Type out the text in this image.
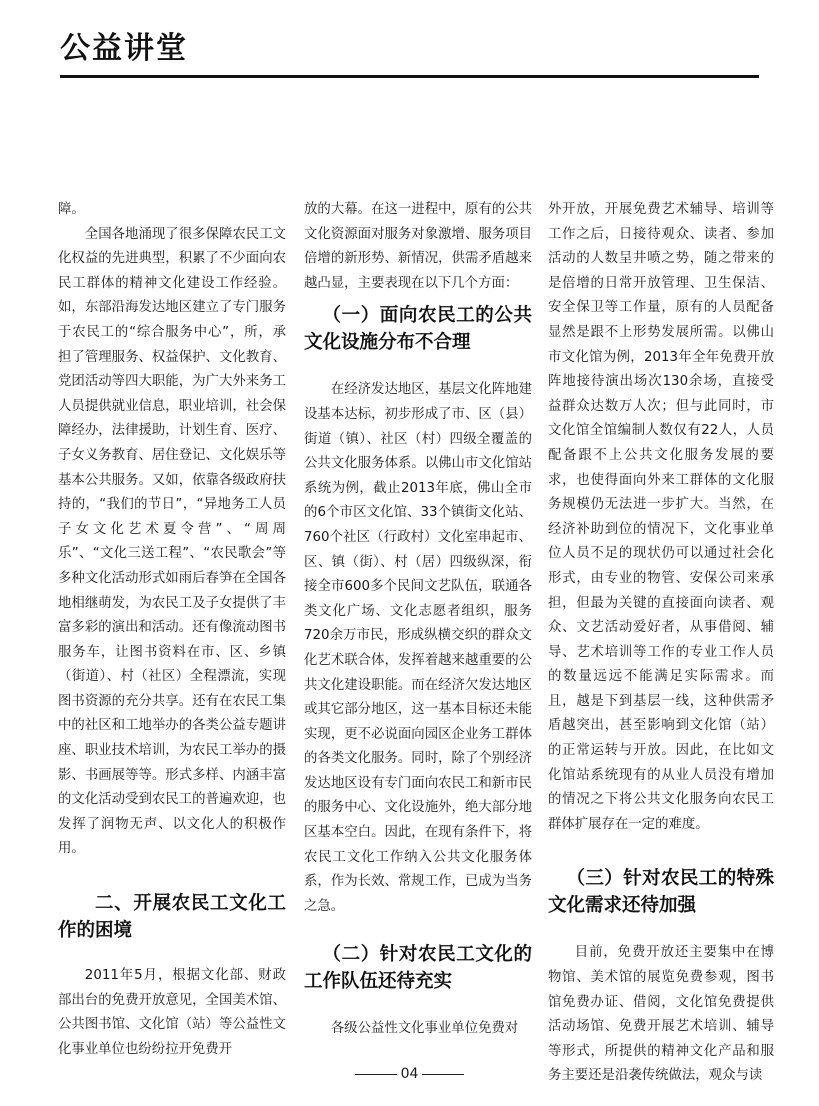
公益讲堂

障。

全国各地涌现了很多保障农民工文化权益的先进典型，积累了不少面向农民工群体的精神文化建设工作经验。如，东部沿海发达地区建立了专门服务于农民工的“综合服务中心”，所，承担了管理服务、权益保护、文化教育、党团活动等四大职能，为广大外来务工人员提供就业信息，职业培训，社会保障经办，法律援助，计划生育、医疗、子女义务教育、居住登记、文化娱乐等基本公共服务。又如，依靠各级政府扶持的，“我们的节日”，“异地务工人员子女文化艺术夏令营”、“周周乐”、“文化三送工程”、“农民歌会”等多种文化活动形式如雨后春笋在全国各地相继萌发，为农民工及子女提供了丰富多彩的演出和活动。还有像流动图书服务车，让图书资料在市、区、乡镇（街道）、村（社区）全程漂流，实现图书资源的充分共享。还有在农民工集中的社区和工地举办的各类公益专题讲座、职业技术培训，为农民工举办的摄影、书画展等等。形式多样、内涵丰富的文化活动受到农民工的普遍欢迎，也发挥了润物无声、以文化人的积极作用。

二、开展农民工文化工作的困境

2011年5月，根据文化部、财政部出台的免费开放意见，全国美术馆、公共图书馆、文化馆（站）等公益性文化事业单位也纷纷拉开免费开

放的大幕。在这一进程中，原有的公共文化资源面对服务对象激增、服务项目倍增的新形势、新情况，供需矛盾越来越凸显，主要表现在以下几个方面：

（一）面向农民工的公共文化设施分布不合理

在经济发达地区，基层文化阵地建设基本达标，初步形成了市、区（县）街道（镇）、社区（村）四级全覆盖的公共文化服务体系。以佛山市文化馆站系统为例，截止2013年底，佛山全市的6个市区文化馆、33个镇街文化站、760个社区（行政村）文化室串起市、区、镇（街）、村（居）四级纵深，衔接全市600多个民间文艺队伍，联通各类文化广场、文化志愿者组织，服务720余万市民，形成纵横交织的群众文化艺术联合体，发挥着越来越重要的公共文化建设职能。而在经济欠发达地区或其它部分地区，这一基本目标还未能实现，更不必说面向园区企业务工群体的各类文化服务。同时，除了个别经济发达地区设有专门面向农民工和新市民的服务中心、文化设施外，绝大部分地区基本空白。因此，在现有条件下，将农民工文化工作纳入公共文化服务体系，作为长效、常规工作，已成为当务之急。

（二）针对农民工文化的工作队伍还待充实

各级公益性文化事业单位免费对

外开放，开展免费艺术辅导、培训等工作之后，日接待观众、读者、参加活动的人数呈井喷之势，随之带来的是倍增的日常开放管理、卫生保洁、安全保卫等工作量，原有的人员配备显然是跟不上形势发展所需。以佛山市文化馆为例，2013年全年免费开放阵地接待演出场次130余场，直接受益群众达数万人次；但与此同时，市文化馆全馆编制人数仅有22人，人员配备跟不上公共文化服务发展的要求，也使得面向外来工群体的文化服务规模仍无法进一步扩大。当然，在经济补助到位的情况下，文化事业单位人员不足的现状仍可以通过社会化形式，由专业的物管、安保公司来承担，但最为关键的直接面向读者、观众、文艺活动爱好者，从事借阅、辅导、艺术培训等工作的专业工作人员的数量远远不能满足实际需求。而且，越是下到基层一线，这种供需矛盾越突出，甚至影响到文化馆（站）的正常运转与开放。因此，在比如文化馆站系统现有的从业人员没有增加的情况之下将公共文化服务向农民工群体扩展存在一定的难度。

（三）针对农民工的特殊文化需求还待加强

目前，免费开放还主要集中在博物馆、美术馆的展览免费参观，图书馆免费办证、借阅，文化馆免费提供活动场馆、免费开展艺术培训、辅导等形式，所提供的精神文化产品和服务主要还是沿袭传统做法，观众与读

04
